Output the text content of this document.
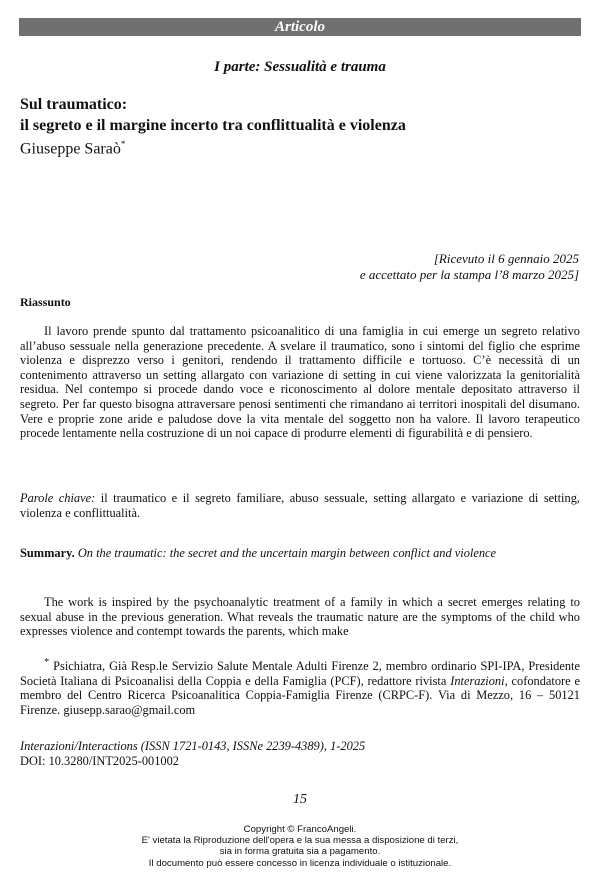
Articolo
I parte: Sessualità e trauma
Sul traumatico:
il segreto e il margine incerto tra conflittualità e violenza
Giuseppe Saraò*
[Ricevuto il 6 gennaio 2025
e accettato per la stampa l’8 marzo 2025]
Riassunto
Il lavoro prende spunto dal trattamento psicoanalitico di una famiglia in cui emerge un segreto relativo all’abuso sessuale nella generazione precedente. A svelare il traumatico, sono i sintomi del figlio che esprime violenza e disprezzo verso i genitori, rendendo il trattamento difficile e tortuoso. C’è necessità di un contenimento attraverso un setting allargato con variazione di setting in cui viene valorizzata la genitorialità residua. Nel contempo si procede dando voce e riconoscimento al dolore mentale depositato attraverso il segreto. Per far questo bisogna attraversare penosi sentimenti che rimandano ai territori inospitali del disumano. Vere e proprie zone aride e paludose dove la vita mentale del soggetto non ha valore. Il lavoro terapeutico procede lentamente nella costruzione di un noi capace di produrre elementi di figurabilità e di pensiero.
Parole chiave: il traumatico e il segreto familiare, abuso sessuale, setting allargato e variazione di setting, violenza e conflittualità.
Summary. On the traumatic: the secret and the uncertain margin between conflict and violence
The work is inspired by the psychoanalytic treatment of a family in which a secret emerges relating to sexual abuse in the previous generation. What reveals the traumatic nature are the symptoms of the child who expresses violence and contempt towards the parents, which make
* Psichiatra, Già Resp.le Servizio Salute Mentale Adulti Firenze 2, membro ordinario SPI-IPA, Presidente Società Italiana di Psicoanalisi della Coppia e della Famiglia (PCF), redattore rivista Interazioni, cofondatore e membro del Centro Ricerca Psicoanalitica Coppia-Famiglia Firenze (CRPC-F). Via di Mezzo, 16 – 50121 Firenze. giusepp.sarao@gmail.com
Interazioni/Interactions (ISSN 1721-0143, ISSNe 2239-4389), 1-2025
DOI: 10.3280/INT2025-001002
15
Copyright © FrancoAngeli.
E' vietata la Riproduzione dell'opera e la sua messa a disposizione di terzi,
sia in forma gratuita sia a pagamento.
Il documento può essere concesso in licenza individuale o istituzionale.
